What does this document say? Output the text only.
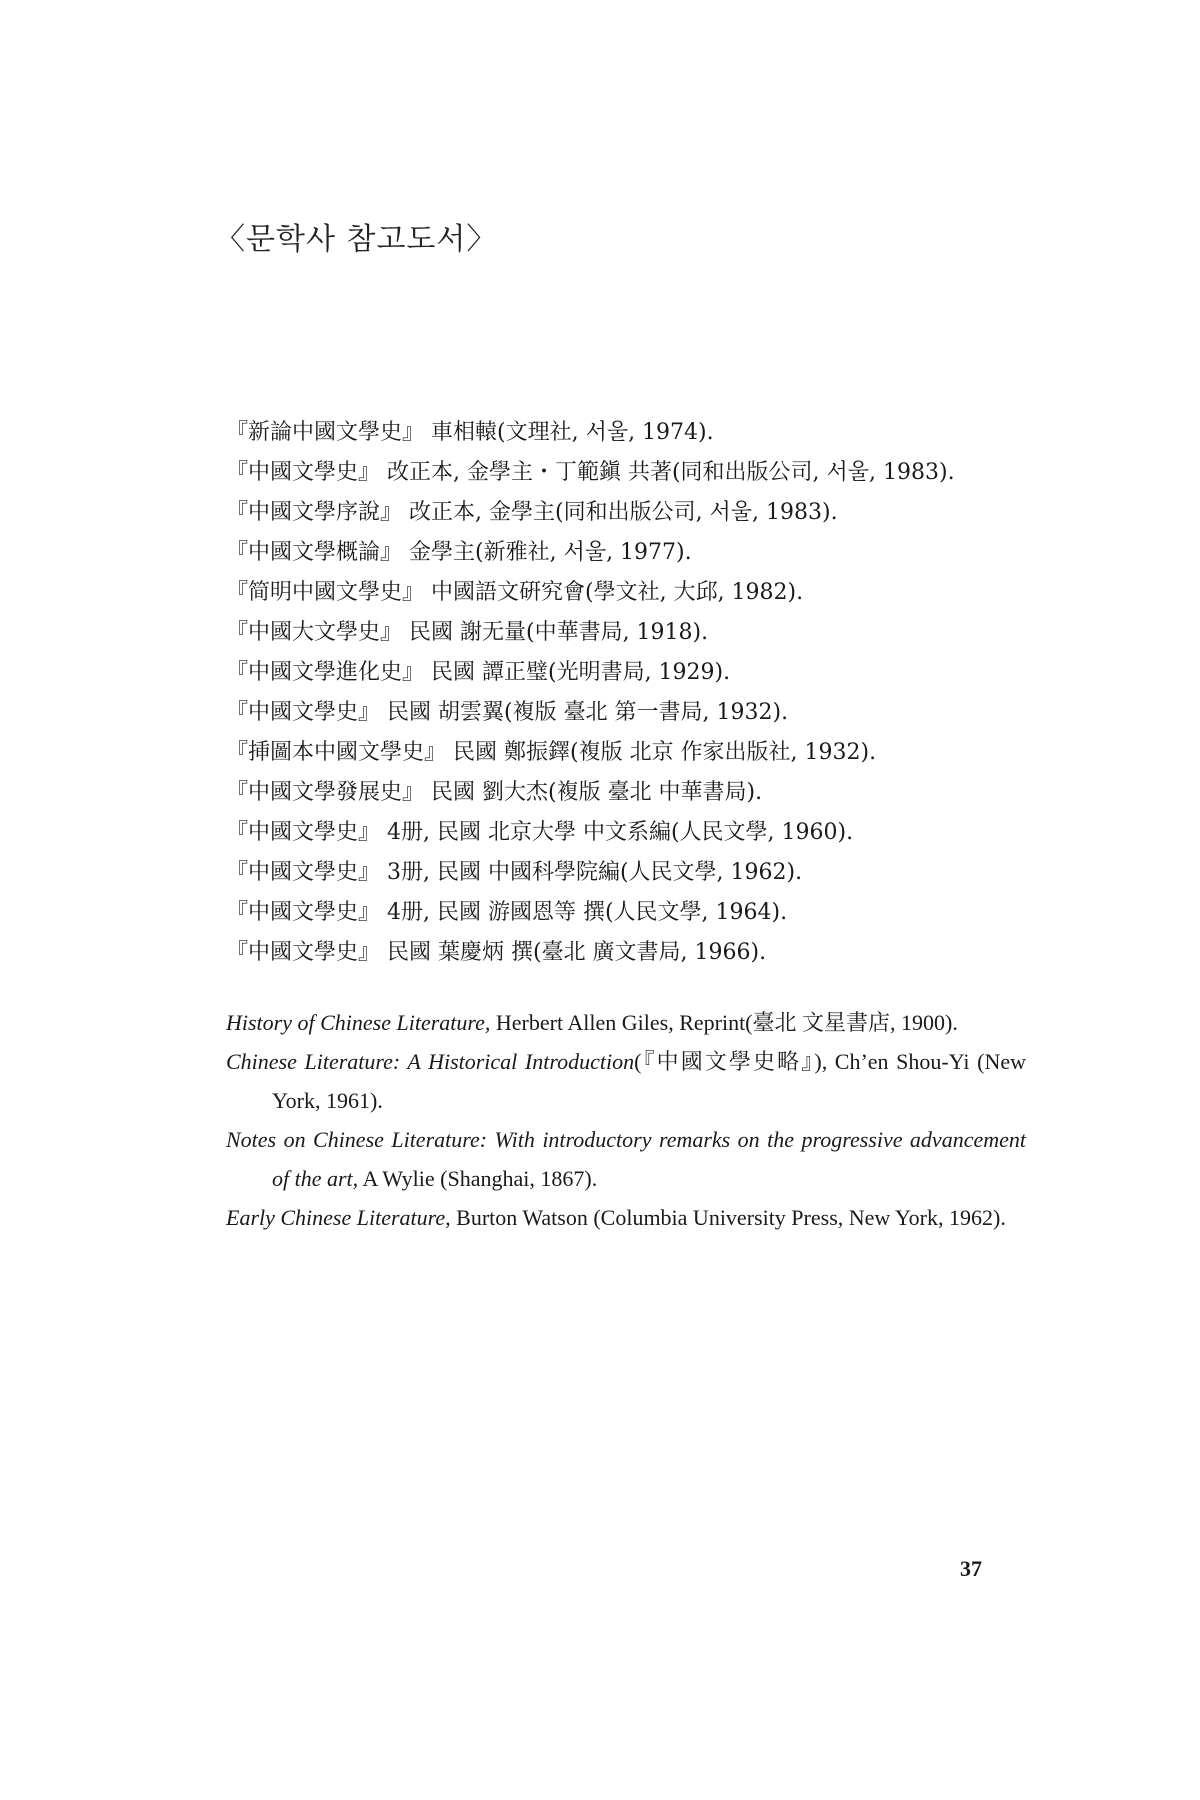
〈문학사 참고도서〉
『新論中國文學史』 車相轅(文理社, 서울, 1974).
『中國文學史』 改正本, 金學主・丁範鎭 共著(同和出版公司, 서울, 1983).
『中國文學序說』 改正本, 金學主(同和出版公司, 서울, 1983).
『中國文學概論』 金學主(新雅社, 서울, 1977).
『简明中國文學史』 中國語文硏究會(學文社, 大邱, 1982).
『中國大文學史』 民國 謝无量(中華書局, 1918).
『中國文學進化史』 民國 譚正璧(光明書局, 1929).
『中國文學史』 民國 胡雲翼(複版 臺北 第一書局, 1932).
『挿圖本中國文學史』 民國 鄭振鐸(複版 北京 作家出版社, 1932).
『中國文學發展史』 民國 劉大杰(複版 臺北 中華書局).
『中國文學史』 4册, 民國 北京大學 中文系編(人民文學, 1960).
『中國文學史』 3册, 民國 中國科學院編(人民文學, 1962).
『中國文學史』 4册, 民國 游國恩等 撰(人民文學, 1964).
『中國文學史』 民國 葉慶炳 撰(臺北 廣文書局, 1966).
History of Chinese Literature, Herbert Allen Giles, Reprint(臺北 文星書店, 1900).
Chinese Literature: A Historical Introduction(『中國文學史略』), Ch’en Shou-Yi (New York, 1961).
Notes on Chinese Literature: With introductory remarks on the progressive advancement of the art, A Wylie (Shanghai, 1867).
Early Chinese Literature, Burton Watson (Columbia University Press, New York, 1962).
37
